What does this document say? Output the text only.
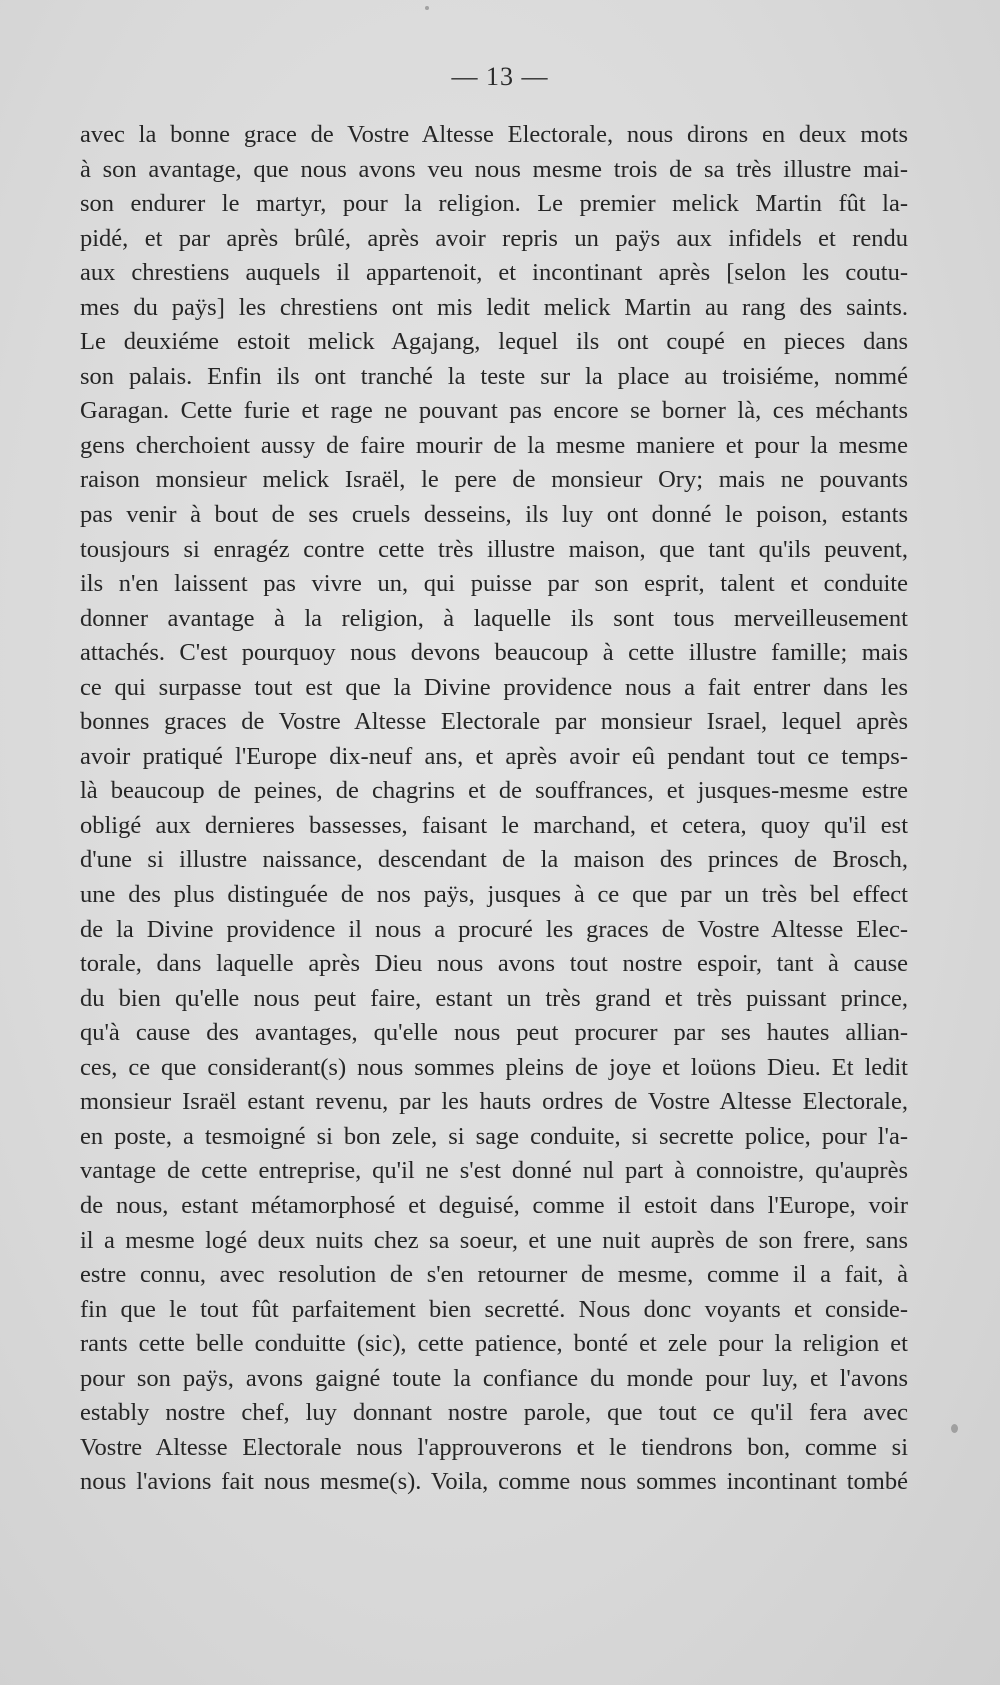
— 13 —
avec la bonne grace de Vostre Altesse Electorale, nous dirons en deux mots
à son avantage, que nous avons veu nous mesme trois de sa très illustre mai-
son endurer le martyr, pour la religion. Le premier melick Martin fût la-
pidé, et par après brûlé, après avoir repris un paÿs aux infidels et rendu
aux chrestiens auquels il appartenoit, et incontinant après [selon les coutu-
mes du paÿs] les chrestiens ont mis ledit melick Martin au rang des saints.
Le deuxiéme estoit melick Agajang, lequel ils ont coupé en pieces dans
son palais. Enfin ils ont tranché la teste sur la place au troisiéme, nommé
Garagan. Cette furie et rage ne pouvant pas encore se borner là, ces méchants
gens cherchoient aussy de faire mourir de la mesme maniere et pour la mesme
raison monsieur melick Israël, le pere de monsieur Ory; mais ne pouvants
pas venir à bout de ses cruels desseins, ils luy ont donné le poison, estants
tousjours si enragéz contre cette très illustre maison, que tant qu'ils peuvent,
ils n'en laissent pas vivre un, qui puisse par son esprit, talent et conduite
donner avantage à la religion, à laquelle ils sont tous merveilleusement
attachés. C'est pourquoy nous devons beaucoup à cette illustre famille; mais
ce qui surpasse tout est que la Divine providence nous a fait entrer dans les
bonnes graces de Vostre Altesse Electorale par monsieur Israel, lequel après
avoir pratiqué l'Europe dix-neuf ans, et après avoir eû pendant tout ce temps-
là beaucoup de peines, de chagrins et de souffrances, et jusques-mesme estre
obligé aux dernieres bassesses, faisant le marchand, et cetera, quoy qu'il est
d'une si illustre naissance, descendant de la maison des princes de Brosch,
une des plus distinguée de nos paÿs, jusques à ce que par un très bel effect
de la Divine providence il nous a procuré les graces de Vostre Altesse Elec-
torale, dans laquelle après Dieu nous avons tout nostre espoir, tant à cause
du bien qu'elle nous peut faire, estant un très grand et très puissant prince,
qu'à cause des avantages, qu'elle nous peut procurer par ses hautes allian-
ces, ce que considerant(s) nous sommes pleins de joye et loüons Dieu. Et ledit
monsieur Israël estant revenu, par les hauts ordres de Vostre Altesse Electorale,
en poste, a tesmoigné si bon zele, si sage conduite, si secrette police, pour l'a-
vantage de cette entreprise, qu'il ne s'est donné nul part à connoistre, qu'auprès
de nous, estant métamorphosé et deguisé, comme il estoit dans l'Europe, voir
il a mesme logé deux nuits chez sa soeur, et une nuit auprès de son frere, sans
estre connu, avec resolution de s'en retourner de mesme, comme il a fait, à
fin que le tout fût parfaitement bien secretté. Nous donc voyants et conside-
rants cette belle conduitte (sic), cette patience, bonté et zele pour la religion et
pour son paÿs, avons gaigné toute la confiance du monde pour luy, et l'avons
estably nostre chef, luy donnant nostre parole, que tout ce qu'il fera avec
Vostre Altesse Electorale nous l'approuverons et le tiendrons bon, comme si
nous l'avions fait nous mesme(s). Voila, comme nous sommes incontinant tombé
